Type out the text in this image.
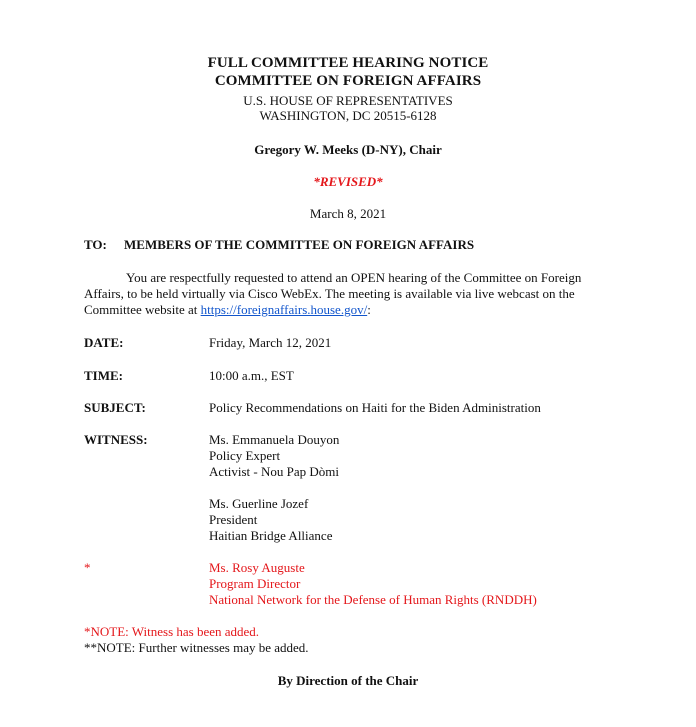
FULL COMMITTEE HEARING NOTICE
COMMITTEE ON FOREIGN AFFAIRS
U.S. HOUSE OF REPRESENTATIVES
WASHINGTON, DC 20515-6128
Gregory W. Meeks (D-NY), Chair
*REVISED*
March 8, 2021
TO: MEMBERS OF THE COMMITTEE ON FOREIGN AFFAIRS
You are respectfully requested to attend an OPEN hearing of the Committee on Foreign
Affairs, to be held virtually via Cisco WebEx. The meeting is available via live webcast on the
Committee website at https://foreignaffairs.house.gov/:
DATE:	Friday, March 12, 2021
TIME:	10:00 a.m., EST
SUBJECT:	Policy Recommendations on Haiti for the Biden Administration
WITNESS:	Ms. Emmanuela Douyon
Policy Expert
Activist - Nou Pap Dòmi
Ms. Guerline Jozef
President
Haitian Bridge Alliance
*	Ms. Rosy Auguste
Program Director
National Network for the Defense of Human Rights (RNDDH)
*NOTE: Witness has been added.
**NOTE: Further witnesses may be added.
By Direction of the Chair
